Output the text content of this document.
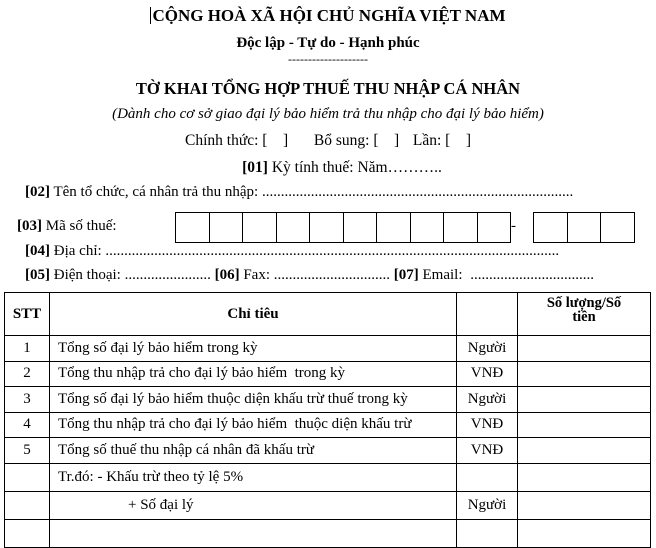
CỘNG HOÀ XÃ HỘI CHỦ NGHĨA VIỆT NAM
Độc lập - Tự do - Hạnh phúc
--------------------
TỜ KHAI TỔNG HỢP THUẾ THU NHẬP CÁ NHÂN
(Dành cho cơ sở giao đại lý bảo hiểm trả thu nhập cho đại lý bảo hiểm)
Chính thức: [    ] Bổ sung: [    ] Lần: [    ]
[01] Kỳ tính thuế: Năm………..
[02] Tên tổ chức, cá nhân trả thu nhập: ...................................................................................
[03] Mã số thuế:	-
[04] Địa chỉ: .........................................................................................................................
[05] Điện thoại: ....................... [06] Fax: ............................... [07] Email: .................................
STT	Chỉ tiêu		Số lượng/Số
tiền

1	Tổng số đại lý bảo hiểm trong kỳ	Người	
2	Tổng thu nhập trả cho đại lý bảo hiểm  trong kỳ	VNĐ	
3	Tổng số đại lý bảo hiểm thuộc diện khấu trừ thuế trong kỳ	Người	
4	Tổng thu nhập trả cho đại lý bảo hiểm  thuộc diện khấu trừ	VNĐ	
5	Tổng số thuế thu nhập cá nhân đã khấu trừ	VNĐ	
	Tr.đó: - Khấu trừ theo tỷ lệ 5%		
	+ Số đại lý	Người	
